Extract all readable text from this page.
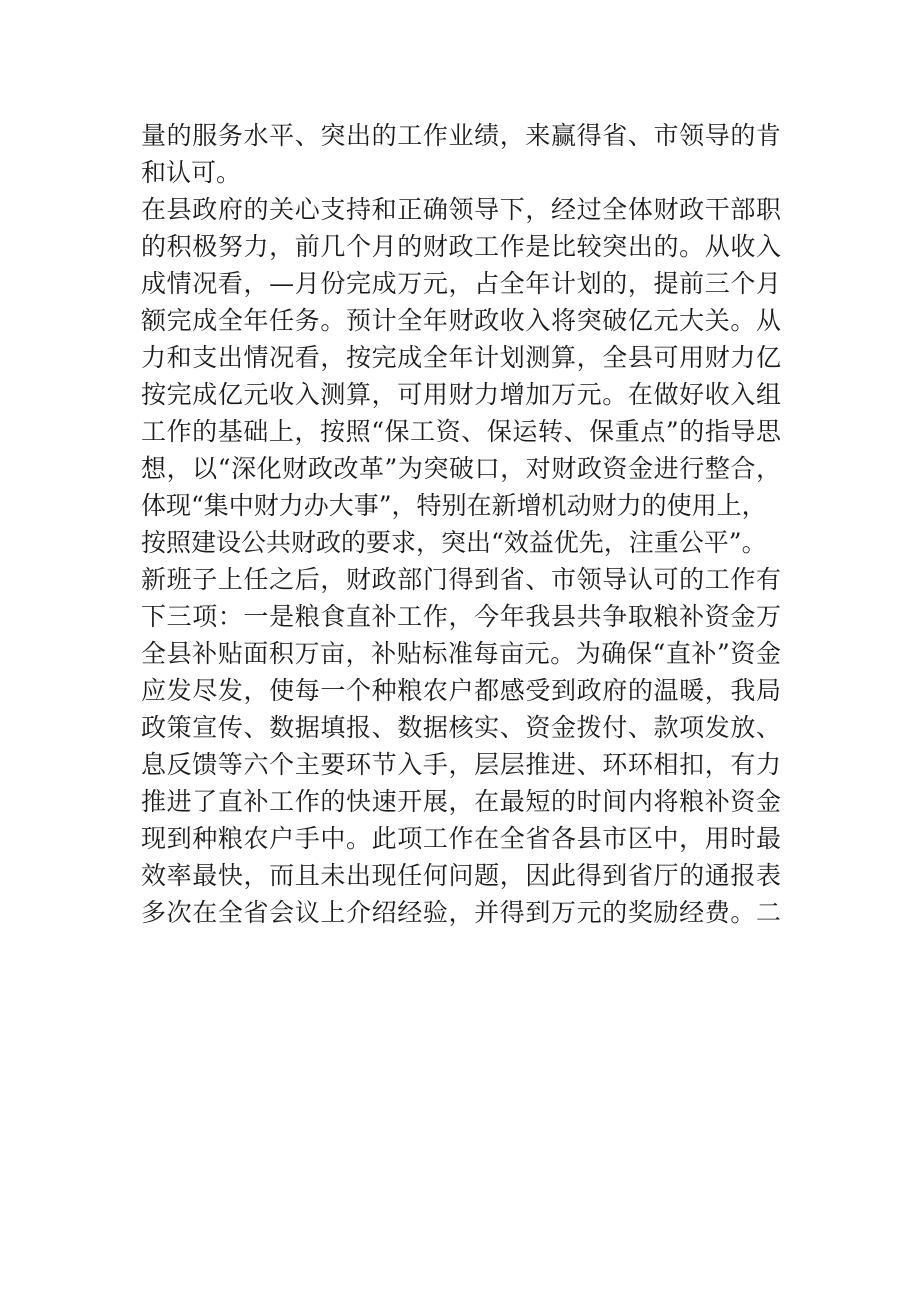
量的服务水平、突出的工作业绩，来赢得省、市领导的肯
和认可。
在县政府的关心支持和正确领导下，经过全体财政干部职
的积极努力，前几个月的财政工作是比较突出的。从收入
成情况看，—月份完成万元，占全年计划的，提前三个月
额完成全年任务。预计全年财政收入将突破亿元大关。从
力和支出情况看，按完成全年计划测算，全县可用财力亿
按完成亿元收入测算，可用财力增加万元。在做好收入组
工作的基础上，按照“保工资、保运转、保重点”的指导思
想，以“深化财政改革”为突破口，对财政资金进行整合，
体现“集中财力办大事”，特别在新增机动财力的使用上，
按照建设公共财政的要求，突出“效益优先，注重公平”。
新班子上任之后，财政部门得到省、市领导认可的工作有
下三项：一是粮食直补工作，今年我县共争取粮补资金万
全县补贴面积万亩，补贴标准每亩元。为确保“直补”资金
应发尽发，使每一个种粮农户都感受到政府的温暖，我局
政策宣传、数据填报、数据核实、资金拨付、款项发放、
息反馈等六个主要环节入手，层层推进、环环相扣，有力
推进了直补工作的快速开展，在最短的时间内将粮补资金
现到种粮农户手中。此项工作在全省各县市区中，用时最
效率最快，而且未出现任何问题，因此得到省厅的通报表
多次在全省会议上介绍经验，并得到万元的奖励经费。二
